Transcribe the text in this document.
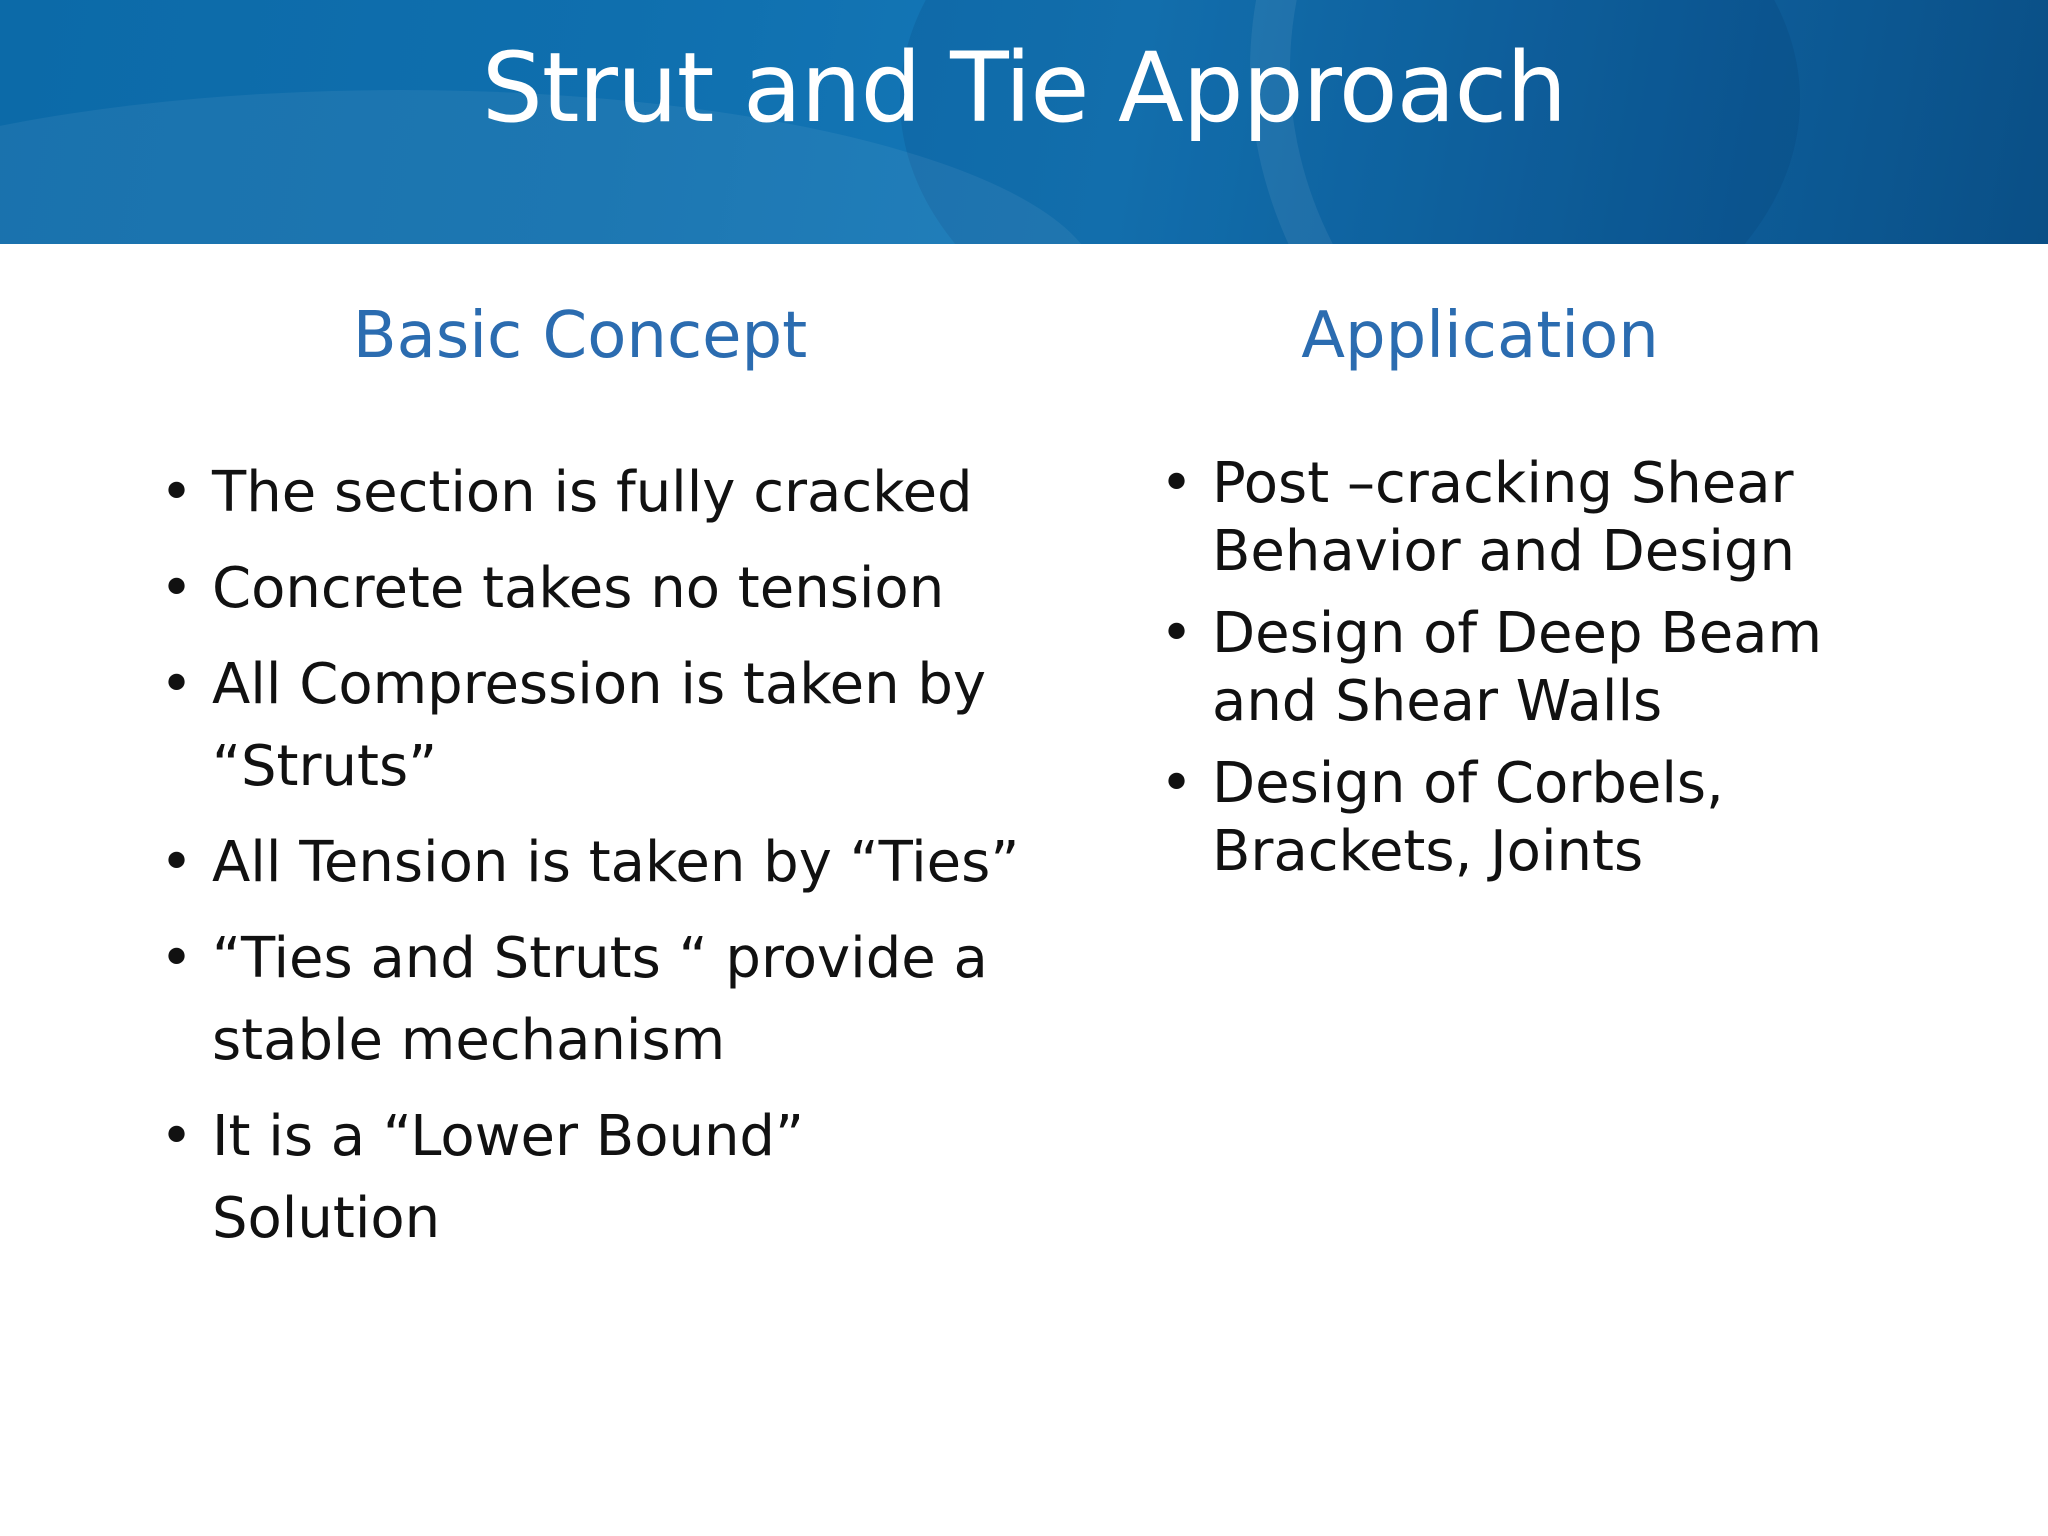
Strut and Tie Approach
Basic Concept	Application
• The section is fully cracked
• Concrete takes no tension
• All Compression is taken by “Struts”
• All Tension is taken by “Ties”
• “Ties and Struts “ provide a stable mechanism
• It is a “Lower Bound” Solution
• Post –cracking Shear Behavior and Design
• Design of Deep Beam and Shear Walls
• Design of Corbels, Brackets, Joints
